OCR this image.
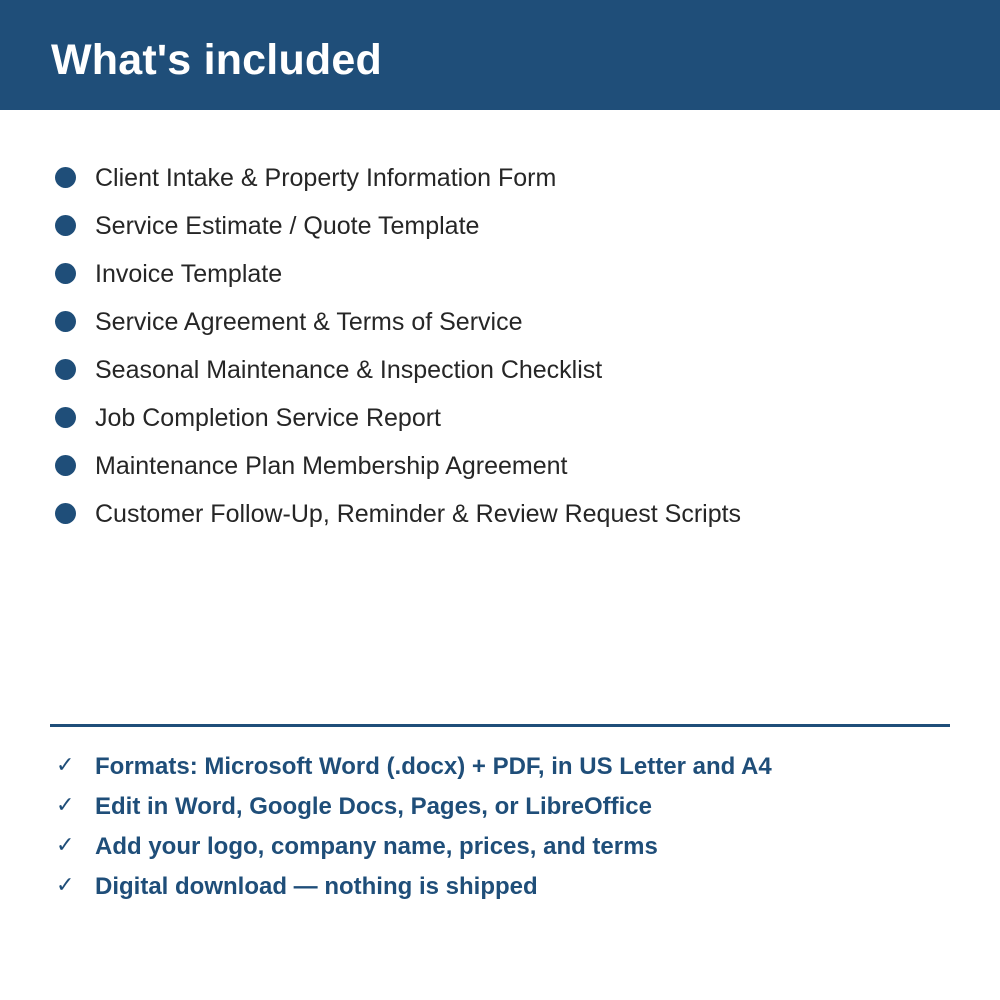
What's included
Client Intake & Property Information Form
Service Estimate / Quote Template
Invoice Template
Service Agreement & Terms of Service
Seasonal Maintenance & Inspection Checklist
Job Completion Service Report
Maintenance Plan Membership Agreement
Customer Follow-Up, Reminder & Review Request Scripts
✓ Formats: Microsoft Word (.docx) + PDF, in US Letter and A4
✓ Edit in Word, Google Docs, Pages, or LibreOffice
✓ Add your logo, company name, prices, and terms
✓ Digital download — nothing is shipped
